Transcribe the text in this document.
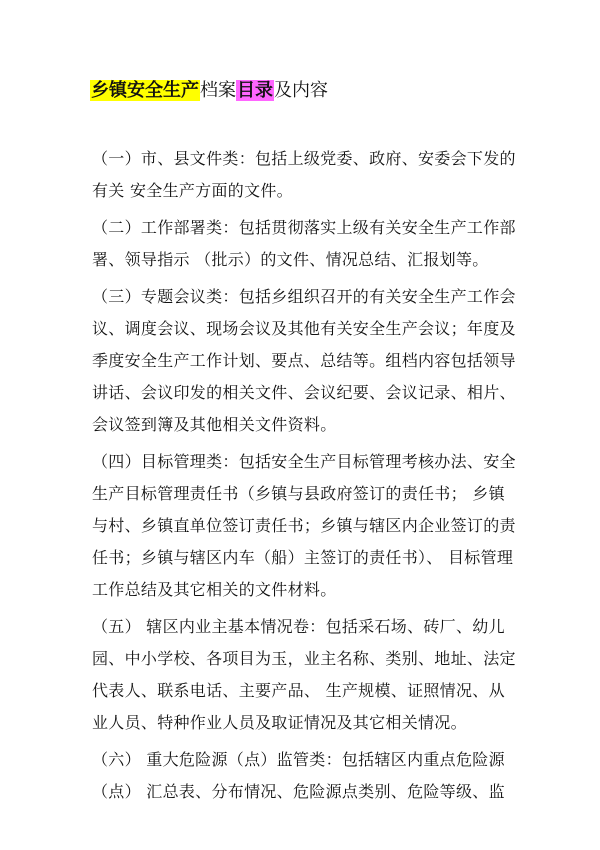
乡镇安全生产档案目录及内容
（一）市、县文件类：包括上级党委、政府、安委会下发的
有关 安全生产方面的文件。
（二）工作部署类：包括贯彻落实上级有关安全生产工作部
署、领导指示 （批示）的文件、情况总结、汇报划等。
（三）专题会议类：包括乡组织召开的有关安全生产工作会
议、调度会议、现场会议及其他有关安全生产会议；年度及
季度安全生产工作计划、要点、总结等。组档内容包括领导
讲话、会议印发的相关文件、会议纪要、会议记录、相片、
会议签到簿及其他相关文件资料。
（四）目标管理类：包括安全生产目标管理考核办法、安全
生产目标管理责任书（乡镇与县政府签订的责任书； 乡镇
与村、乡镇直单位签订责任书；乡镇与辖区内企业签订的责
任书；乡镇与辖区内车（船）主签订的责任书）、 目标管理
工作总结及其它相关的文件材料。
（五） 辖区内业主基本情况卷：包括采石场、砖厂、幼儿
园、中小学校、各项目为玉，业主名称、类别、地址、法定
代表人、联系电话、主要产品、 生产规模、证照情况、从
业人员、特种作业人员及取证情况及其它相关情况。
（六） 重大危险源（点）监管类：包括辖区内重点危险源
（点） 汇总表、分布情况、危险源点类别、危险等级、监
